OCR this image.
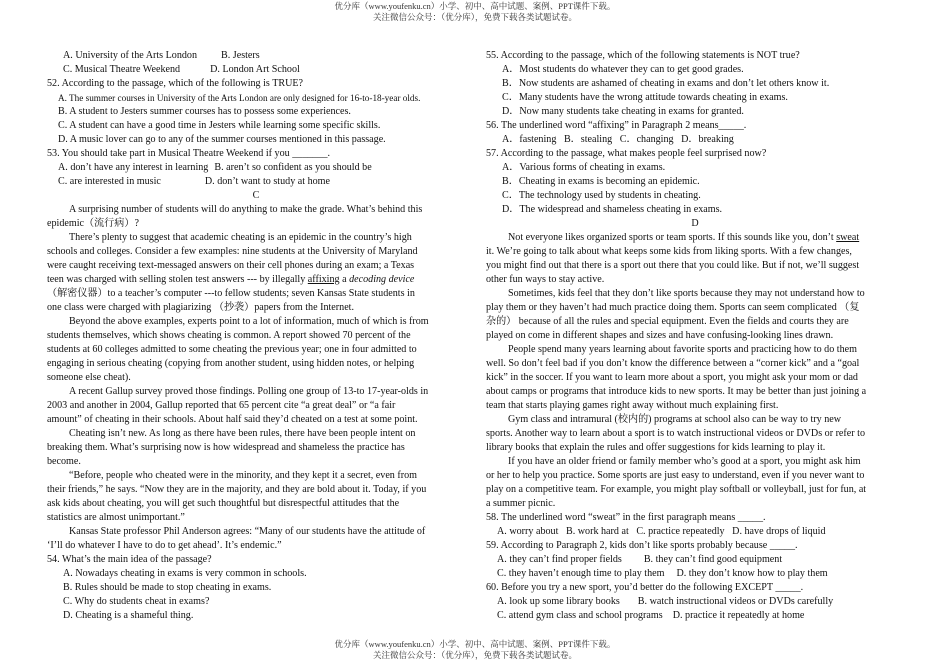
优分库（www.youfenku.cn）小学、初中、高中试题、案例、PPT课件下载。
关注微信公众号：（优分库），免费下载各类试题试卷。
A. University of the Arts London B. Jesters
C. Musical Theatre Weekend	D. London Art School
52. According to the passage, which of the following is TRUE?
A. The summer courses in University of the Arts London are only designed for 16-to-18-year olds.
B. A student to Jesters summer courses has to possess some experiences.
C. A student can have a good time in Jesters while learning some specific skills.
D. A music lover can go to any of the summer courses mentioned in this passage.
53. You should take part in Musical Theatre Weekend if you _______.
A. don’t have any interest in learning B. aren’t so confident as you should be
C. are interested in music	D. don’t want to study at home
C
A surprising number of students will do anything to make the grade. What’s behind this
epidemic（流行病）?
There’s plenty to suggest that academic cheating is an epidemic in the country’s high
schools and colleges. Consider a few examples: nine students at the University of Maryland
were caught receiving text-messaged answers on their cell phones during an exam; a Texas
teen was charged with selling stolen test answers --- by illegally affixing a decoding device
（解密仪器）to a teacher’s computer ---to fellow students; seven Kansas State students in
one class were charged with plagiarizing （抄袭）papers from the Internet.
Beyond the above examples, experts point to a lot of information, much of which is from
students themselves, which shows cheating is common. A report showed 70 percent of the
students at 60 colleges admitted to some cheating the previous year; one in four admitted to
engaging in serious cheating (copying from another student, using hidden notes, or helping
someone else cheat).
A recent Gallup survey proved those findings. Polling one group of 13-to 17-year-olds in
2003 and another in 2004, Gallup reported that 65 percent cite “a great deal” or “a fair
amount” of cheating in their schools. About half said they’d cheated on a test at some point.
Cheating isn’t new. As long as there have been rules, there have been people intent on
breaking them. What’s surprising now is how widespread and shameless the practice has
become.
“Before, people who cheated were in the minority, and they kept it a secret, even from
their friends,” he says. “Now they are in the majority, and they are bold about it. Today, if you
ask kids about cheating, you will get such thoughtful but disrespectful attitudes that the
statistics are almost unimportant.”
Kansas State professor Phil Anderson agrees: “Many of our students have the attitude of
‘I’ll do whatever I have to do to get ahead’. It’s endemic.”
54. What’s the main idea of the passage?
A. Nowadays cheating in exams is very common in schools.
B. Rules should be made to stop cheating in exams.
C. Why do students cheat in exams?
D. Cheating is a shameful thing.
55. According to the passage, which of the following statements is NOT true?
A．Most students do whatever they can to get good grades.
B．Now students are ashamed of cheating in exams and don’t let others know it.
C．Many students have the wrong attitude towards cheating in exams.
D．Now many students take cheating in exams for granted.
56. The underlined word “affixing” in Paragraph 2 means_____.
A．fastening   B．stealing   C．changing   D．breaking
57. According to the passage, what makes people feel surprised now?
A．Various forms of cheating in exams.
B．Cheating in exams is becoming an epidemic.
C．The technology used by students in cheating.
D．The widespread and shameless cheating in exams.
D
Not everyone likes organized sports or team sports. If this sounds like you, don’t sweat
it. We’re going to talk about what keeps some kids from liking sports. With a few changes,
you might find out that there is a sport out there that you could like. But if not, we’ll suggest
other fun ways to stay active.
Sometimes, kids feel that they don’t like sports because they may not understand how to
play them or they haven’t had much practice doing them. Sports can seem complicated （复
杂的） because of all the rules and special equipment. Even the fields and courts they are
played on come in different shapes and sizes and have confusing-looking lines drawn.
People spend many years learning about favorite sports and practicing how to do them
well. So don’t feel bad if you don’t know the difference between a “corner kick” and a “goal
kick” in the soccer. If you want to learn more about a sport, you might ask your mom or dad
about camps or programs that introduce kids to new sports. It may be better than just joining a
team that starts playing games right away without much explaining first.
Gym class and intramural (校内的) programs at school also can be way to try new
sports. Another way to learn about a sport is to watch instructional videos or DVDs or refer to
library books that explain the rules and offer suggestions for kids learning to play it.
If you have an older friend or family member who’s good at a sport, you might ask him
or her to help you practice. Some sports are just easy to understand, even if you never want to
play on a competitive team. For example, you might play softball or volleyball, just for fun, at
a summer picnic.
58. The underlined word “sweat” in the first paragraph means _____.
A. worry about   B. work hard at   C. practice repeatedly   D. have drops of liquid
59. According to Paragraph 2, kids don’t like sports probably because _____.
A. they can’t find proper fields B. they can’t find good equipment
C. they haven’t enough time to play them D. they don’t know how to play them
60. Before you try a new sport, you’d better do the following EXCEPT _____.
A. look up some library books B. watch instructional videos or DVDs carefully
C. attend gym class and school programs D. practice it repeatedly at home
优分库（www.youfenku.cn）小学、初中、高中试题、案例、PPT课件下载。
关注微信公众号：（优分库），免费下载各类试题试卷。
